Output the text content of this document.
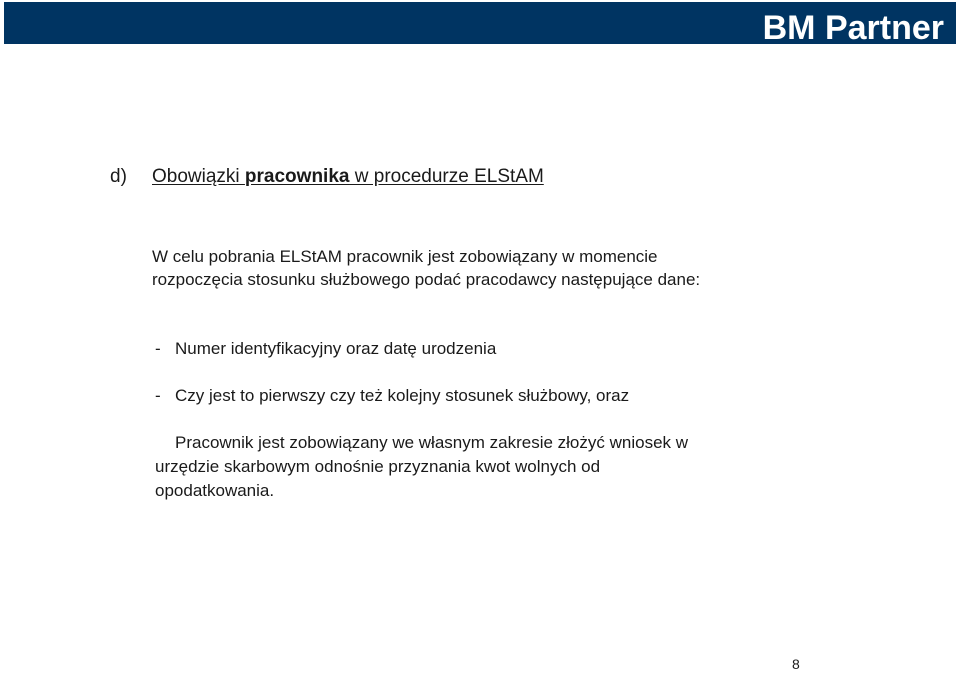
BM Partner
d) Obowiązki pracownika w procedurze ELStAM

W celu pobrania ELStAM pracownik jest zobowiązany w momencie

rozpoczęcia stosunku służbowego podać pracodawcy następujące dane:

- Numer identyfikacyjny oraz datę urodzenia
- Czy jest to pierwszy czy też kolejny stosunek służbowy, oraz

Pracownik jest zobowiązany we własnym zakresie złożyć wniosek w

urzędzie skarbowym odnośnie przyznania kwot wolnych od

opodatkowania.

8
